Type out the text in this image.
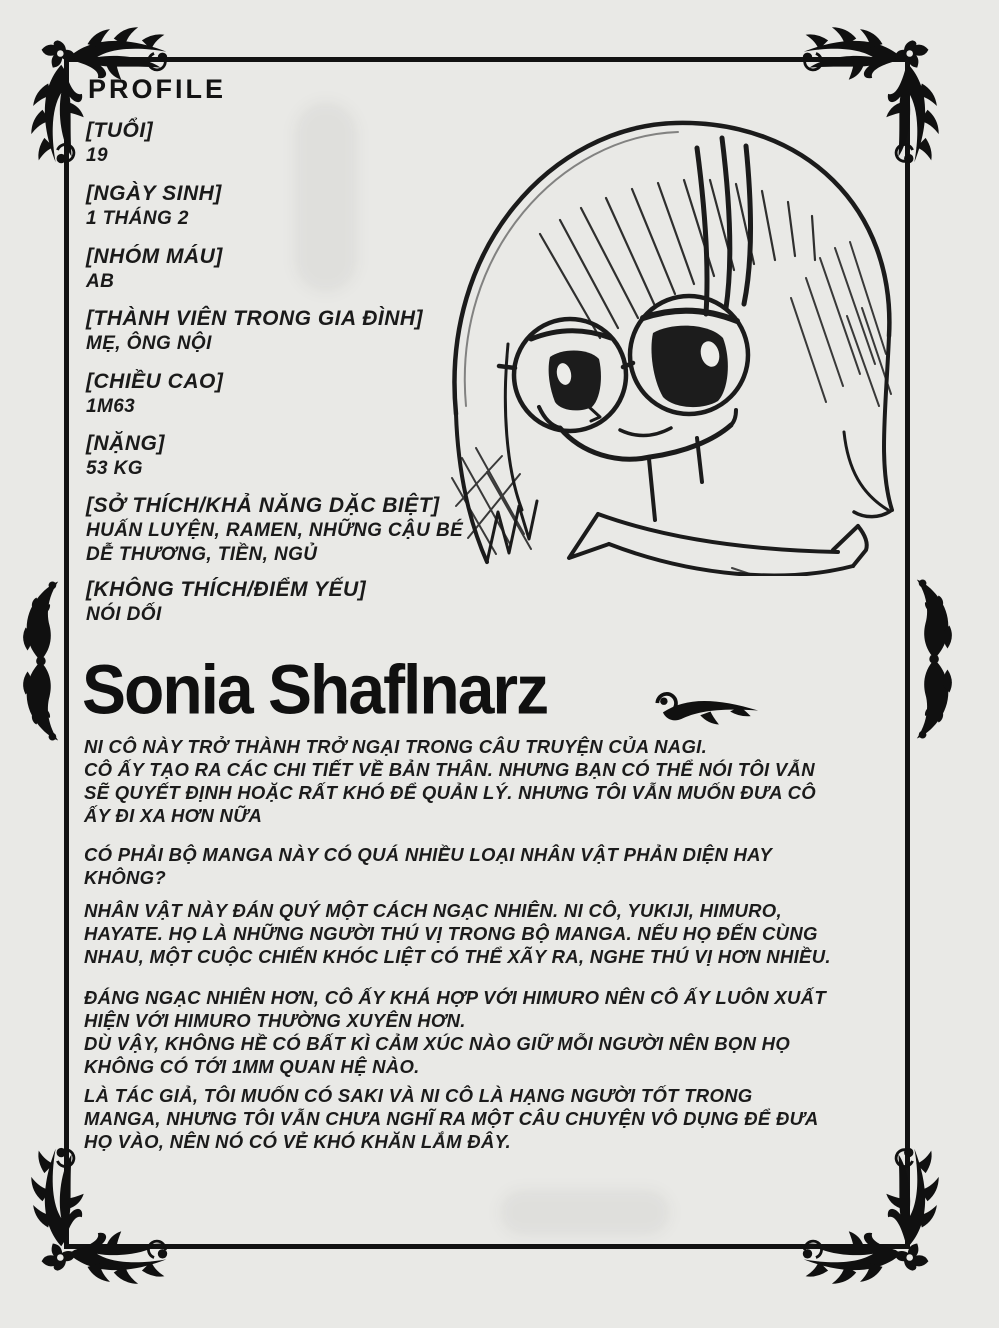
PROFILE
[TUỔI]
19
[NGÀY SINH]
1 THÁNG 2
[NHÓM MÁU]
AB
[THÀNH VIÊN TRONG GIA ĐÌNH]
MẸ, ÔNG NỘI
[CHIỀU CAO]
1M63
[NẶNG]
53 KG
[SỞ THÍCH/KHẢ NĂNG DẶC BIỆT]
HUẤN LUYỆN, RAMEN, NHỮNG CẬU BÉ
DỄ THƯƠNG, TIỀN, NGỦ
[KHÔNG THÍCH/ĐIỂM YẾU]
NÓI DỐI
Sonia Shaflnarz
NI CÔ NÀY TRỞ THÀNH TRỞ NGẠI TRONG CÂU TRUYỆN CỦA NAGI.
CÔ ẤY TẠO RA CÁC CHI TIẾT VỀ BẢN THÂN. NHƯNG BẠN CÓ THỂ NÓI TÔI VẪN
SẼ QUYẾT ĐỊNH HOẶC RẤT KHÓ ĐỂ QUẢN LÝ. NHƯNG TÔI VẪN MUỐN ĐƯA CÔ
ẤY ĐI XA HƠN NỮA
CÓ PHẢI BỘ MANGA NÀY CÓ QUÁ NHIỀU LOẠI NHÂN VẬT PHẢN DIỆN HAY
KHÔNG?
NHÂN VẬT NÀY ĐÁN QUÝ MỘT CÁCH NGẠC NHIÊN. NI CÔ, YUKIJI, HIMURO,
HAYATE. HỌ LÀ NHỮNG NGƯỜI THÚ VỊ TRONG BỘ MANGA. NẾU HỌ ĐẾN CÙNG
NHAU, MỘT CUỘC CHIẾN KHÓC LIỆT CÓ THỂ XÃY RA, NGHE THÚ VỊ HƠN NHIỀU.
ĐÁNG NGẠC NHIÊN HƠN, CÔ ẤY KHÁ HỢP VỚI HIMURO NÊN CÔ ẤY LUÔN XUẤT
HIỆN VỚI HIMURO THƯỜNG XUYÊN HƠN.
DÙ VẬY, KHÔNG HỀ CÓ BẤT KÌ CẢM XÚC NÀO GIỮ MỖI NGƯỜI NÊN BỌN HỌ
KHÔNG CÓ TỚI 1MM QUAN HỆ NÀO.
LÀ TÁC GIẢ, TÔI MUỐN CÓ SAKI VÀ NI CÔ LÀ HẠNG NGƯỜI TỐT TRONG
MANGA, NHƯNG TÔI VẪN CHƯA NGHĨ RA MỘT CÂU CHUYỆN VÔ DỤNG ĐỂ ĐƯA
HỌ VÀO, NÊN NÓ CÓ VẺ KHÓ KHĂN LẮM ĐÂY.
